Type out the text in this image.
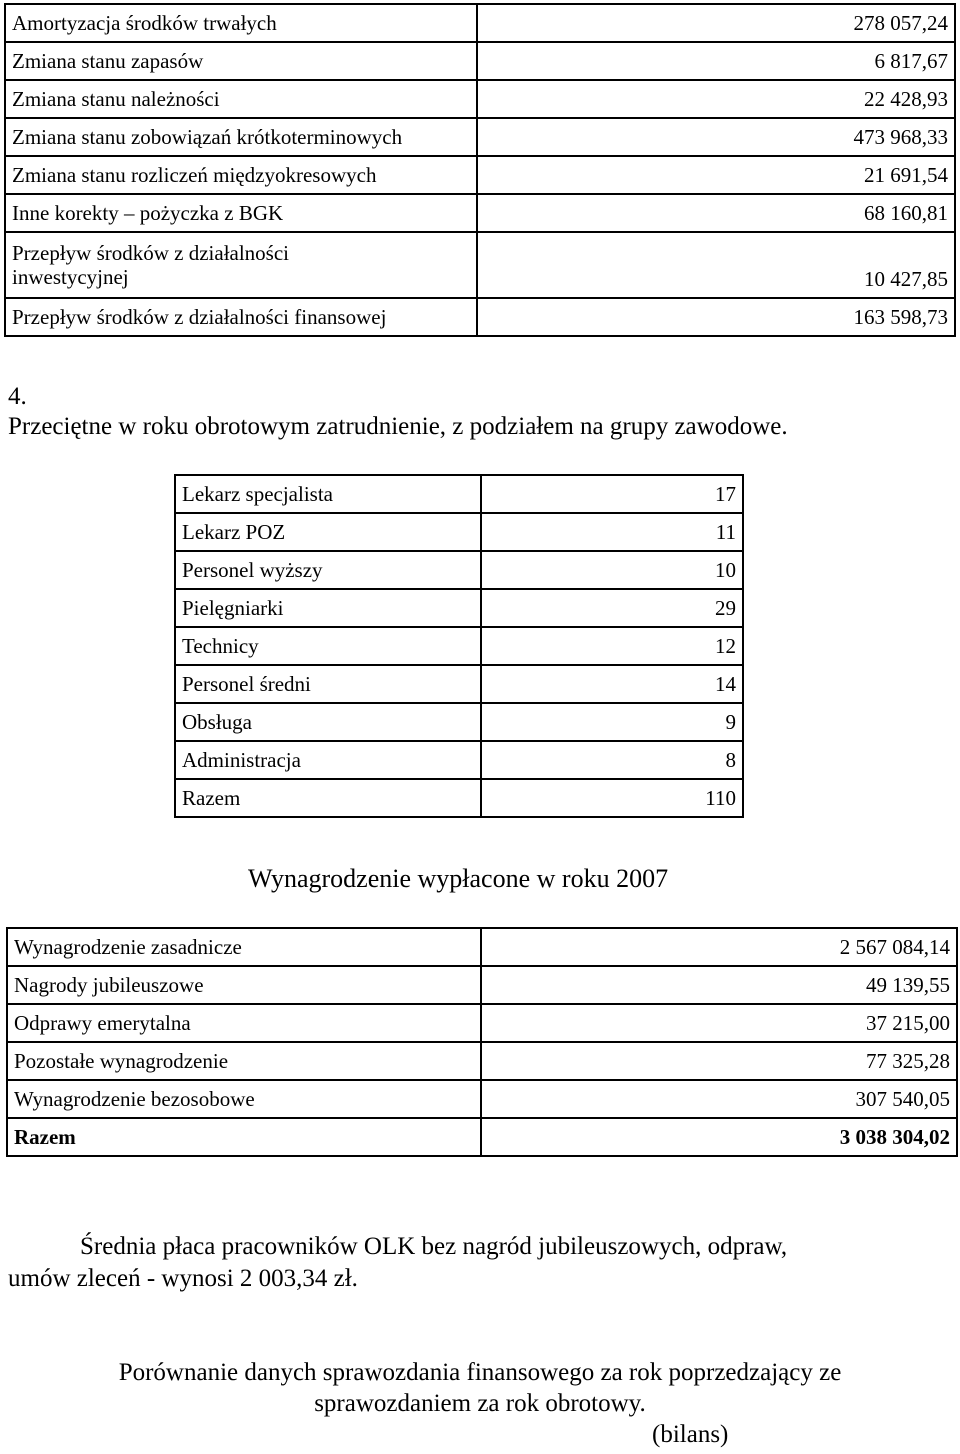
Amortyzacja środków trwałych	278 057,24
Zmiana stanu zapasów	6 817,67
Zmiana stanu należności	22 428,93
Zmiana stanu zobowiązań krótkoterminowych	473 968,33
Zmiana stanu rozliczeń międzyokresowych	21 691,54
Inne korekty – pożyczka z BGK	68 160,81

Przepływ środków z działalności
inwestycyjnej	10 427,85
Przepływ środków z działalności finansowej	163 598,73
4.
Przeciętne w roku obrotowym zatrudnienie, z podziałem na grupy zawodowe.
Lekarz specjalista	17
Lekarz POZ	11
Personel wyższy	10
Pielęgniarki	29
Technicy	12
Personel średni	14
Obsługa	9
Administracja	8
Razem	110
Wynagrodzenie wypłacone w roku 2007
Wynagrodzenie zasadnicze	2 567 084,14
Nagrody jubileuszowe	49 139,55
Odprawy emerytalna	37 215,00
Pozostałe wynagrodzenie	77 325,28
Wynagrodzenie bezosobowe	307 540,05
Razem	3 038 304,02
Średnia płaca pracowników OLK bez nagród jubileuszowych, odpraw,
umów zleceń - wynosi 2 003,34 zł.
Porównanie danych sprawozdania finansowego za rok poprzedzający ze
sprawozdaniem za rok obrotowy.
(bilans)
